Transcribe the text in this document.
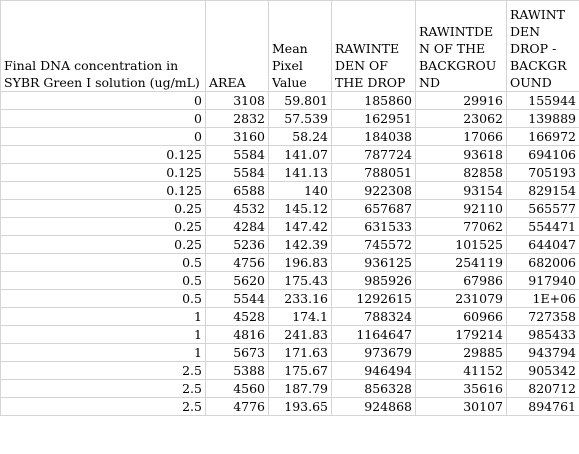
Final DNA concentration in SYBR Green I solution (ug/mL)	AREA	Mean Pixel Value	RAWINTE DEN OF THE DROP	RAWINTDE N OF THE BACKGROU ND	RAWINT DEN DROP - BACKGR OUND
0	3108	59.801	185860	29916	155944
0	2832	57.539	162951	23062	139889
0	3160	58.24	184038	17066	166972
0.125	5584	141.07	787724	93618	694106
0.125	5584	141.13	788051	82858	705193
0.125	6588	140	922308	93154	829154
0.25	4532	145.12	657687	92110	565577
0.25	4284	147.42	631533	77062	554471
0.25	5236	142.39	745572	101525	644047
0.5	4756	196.83	936125	254119	682006
0.5	5620	175.43	985926	67986	917940
0.5	5544	233.16	1292615	231079	1E+06
1	4528	174.1	788324	60966	727358
1	4816	241.83	1164647	179214	985433
1	5673	171.63	973679	29885	943794
2.5	5388	175.67	946494	41152	905342
2.5	4560	187.79	856328	35616	820712
2.5	4776	193.65	924868	30107	894761
